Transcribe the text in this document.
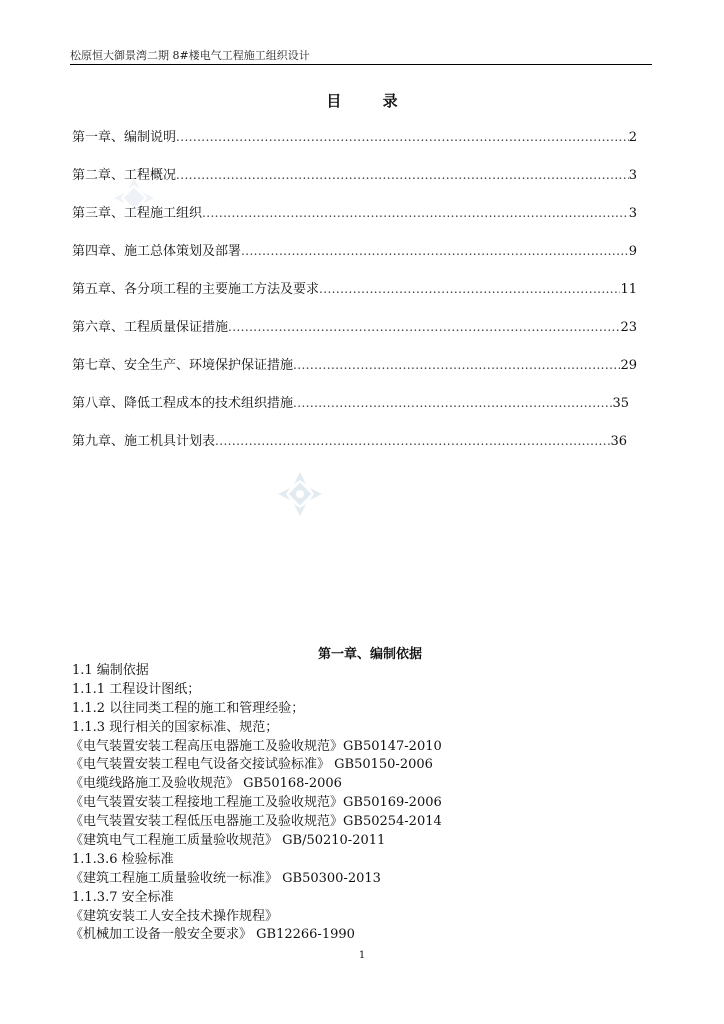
松原恒大御景湾二期 8#楼电气工程施工组织设计
目 录
第一章、编制说明 .....	2
第二章、工程概况 .....	3
第三章、工程施工组织 .....	3
第四章、施工总体策划及部署 .....	9
第五章、各分项工程的主要施工方法及要求 .....	11
第六章、工程质量保证措施 .....	23
第七章、安全生产、环境保护保证措施 .....	29
第八章、降低工程成本的技术组织措施 .....	35
第九章、施工机具计划表 .....	36
第一章、编制依据
1.1 编制依据
1.1.1 工程设计图纸；
1.1.2 以往同类工程的施工和管理经验；
1.1.3 现行相关的国家标准、规范；
《电气装置安装工程高压电器施工及验收规范》GB50147-2010
《电气装置安装工程电气设备交接试验标准》 GB50150-2006
《电缆线路施工及验收规范》 GB50168-2006
《电气装置安装工程接地工程施工及验收规范》GB50169-2006
《电气装置安装工程低压电器施工及验收规范》GB50254-2014
《建筑电气工程施工质量验收规范》 GB/50210-2011
1.1.3.6 检验标准
《建筑工程施工质量验收统一标准》 GB50300-2013
1.1.3.7 安全标准
《建筑安装工人安全技术操作规程》
《机械加工设备一般安全要求》 GB12266-1990
1
